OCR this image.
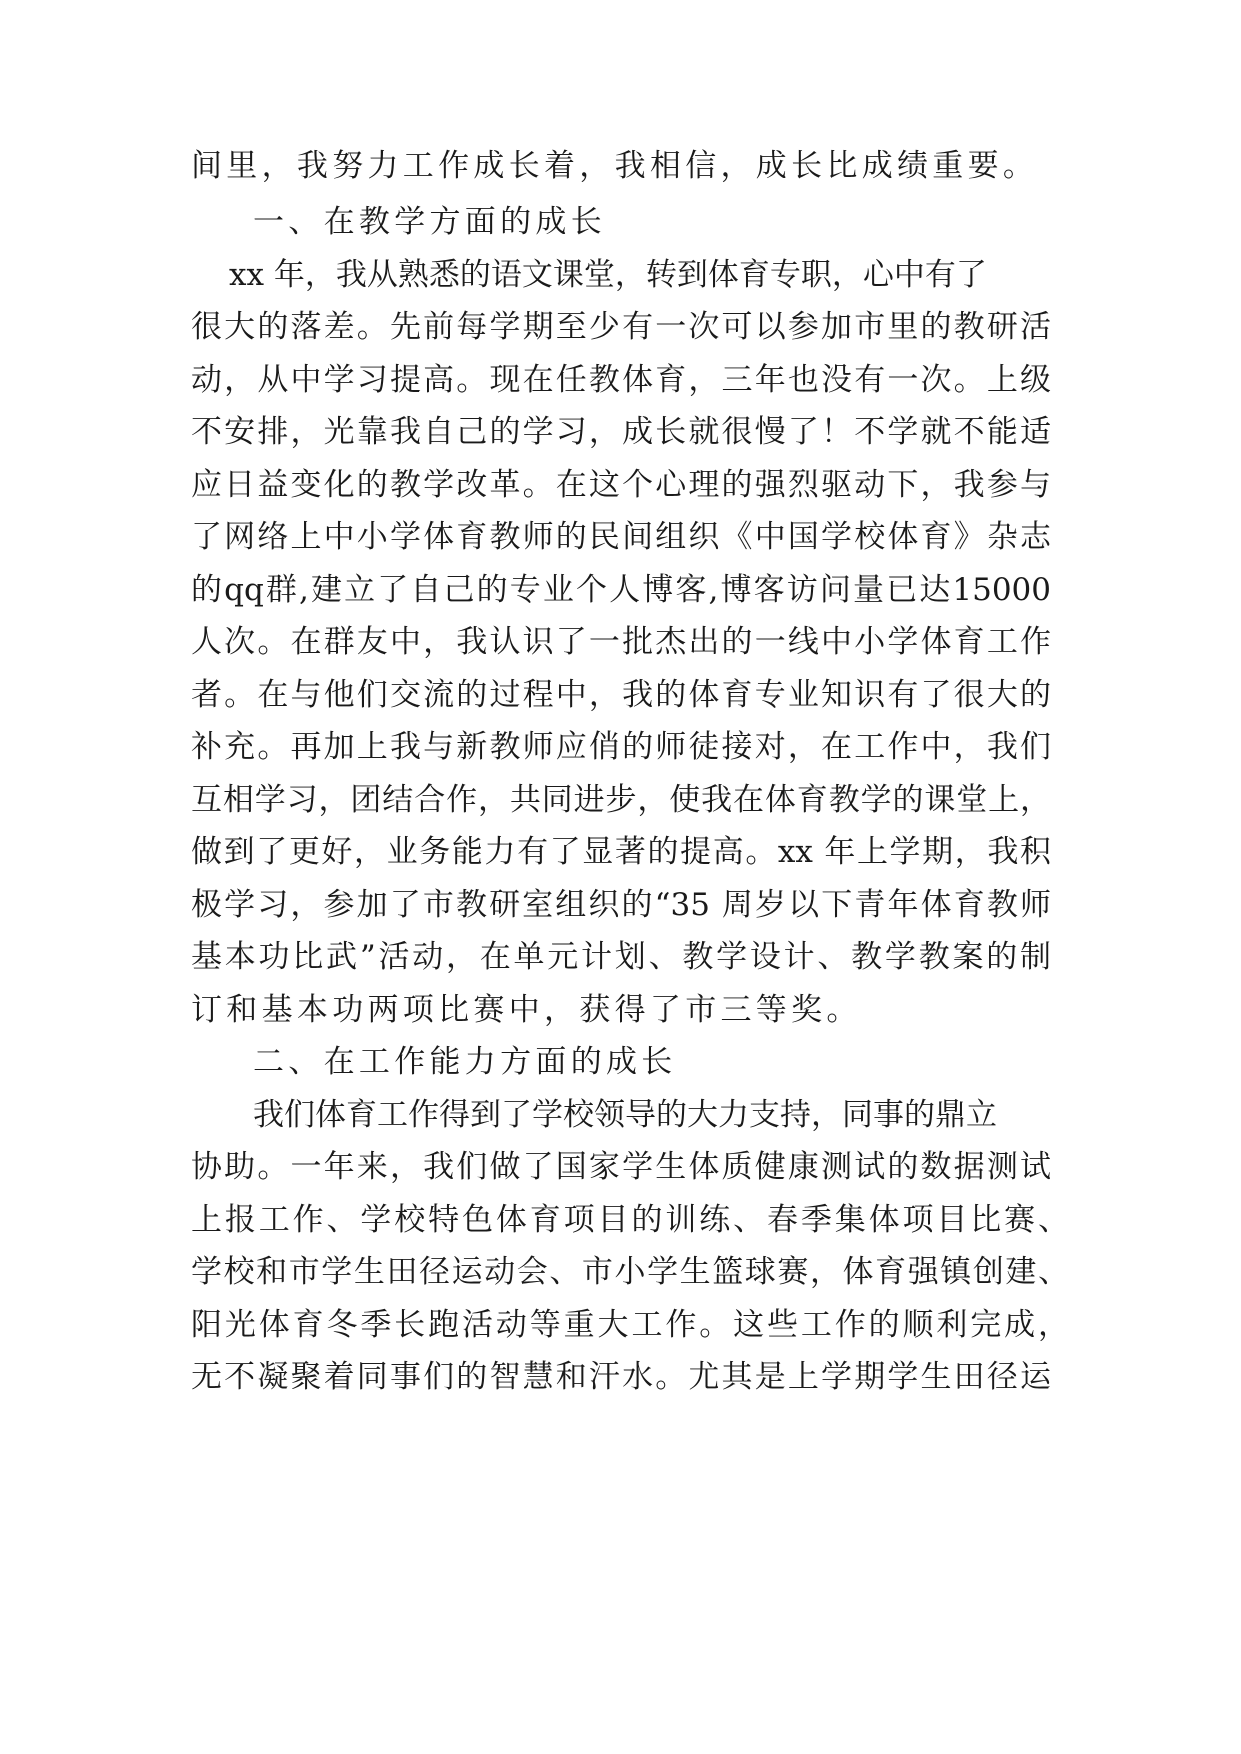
间里，我努力工作成长着，我相信，成长比成绩重要。
一、在教学方面的成长
xx 年，我从熟悉的语文课堂，转到体育专职，心中有了
很大的落差。先前每学期至少有一次可以参加市里的教研活
动，从中学习提高。现在任教体育，三年也没有一次。上级
不安排，光靠我自己的学习，成长就很慢了！不学就不能适
应日益变化的教学改革。在这个心理的强烈驱动下，我参与
了网络上中小学体育教师的民间组织《中国学校体育》杂志
的qq群,建立了自己的专业个人博客,博客访问量已达15000
人次。在群友中，我认识了一批杰出的一线中小学体育工作
者。在与他们交流的过程中，我的体育专业知识有了很大的
补充。再加上我与新教师应俏的师徒接对，在工作中，我们
互相学习，团结合作，共同进步，使我在体育教学的课堂上，
做到了更好，业务能力有了显著的提高。xx 年上学期，我积
极学习，参加了市教研室组织的“35 周岁以下青年体育教师
基本功比武”活动，在单元计划、教学设计、教学教案的制
订和基本功两项比赛中，获得了市三等奖。
二、在工作能力方面的成长
我们体育工作得到了学校领导的大力支持，同事的鼎立
协助。一年来，我们做了国家学生体质健康测试的数据测试
上报工作、学校特色体育项目的训练、春季集体项目比赛、
学校和市学生田径运动会、市小学生篮球赛，体育强镇创建、
阳光体育冬季长跑活动等重大工作。这些工作的顺利完成，
无不凝聚着同事们的智慧和汗水。尤其是上学期学生田径运
